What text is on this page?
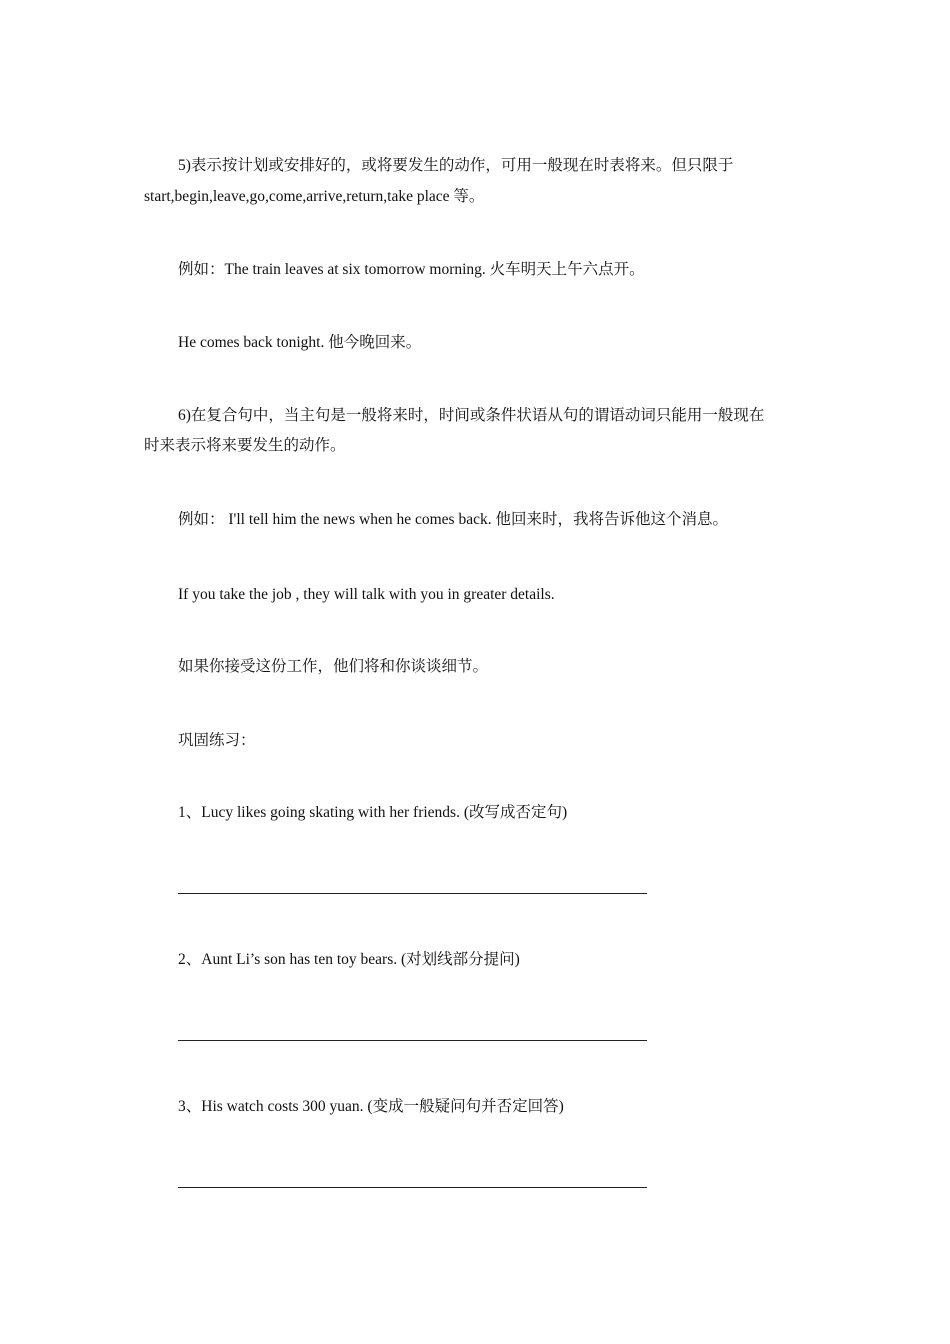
5)表示按计划或安排好的，或将要发生的动作，可用一般现在时表将来。但只限于
start,begin,leave,go,come,arrive,return,take place 等。
例如：The train leaves at six tomorrow morning. 火车明天上午六点开。
He comes back tonight. 他今晚回来。
6)在复合句中，当主句是一般将来时，时间或条件状语从句的谓语动词只能用一般现在
时来表示将来要发生的动作。
例如： I'll tell him the news when he comes back. 他回来时，我将告诉他这个消息。
If you take the job , they will talk with you in greater details.
如果你接受这份工作，他们将和你谈谈细节。
巩固练习：
1、Lucy likes going skating with her friends. (改写成否定句)
2、Aunt Li’s son has ten toy bears. (对划线部分提问)
3、His watch costs 300 yuan. (变成一般疑问句并否定回答)
